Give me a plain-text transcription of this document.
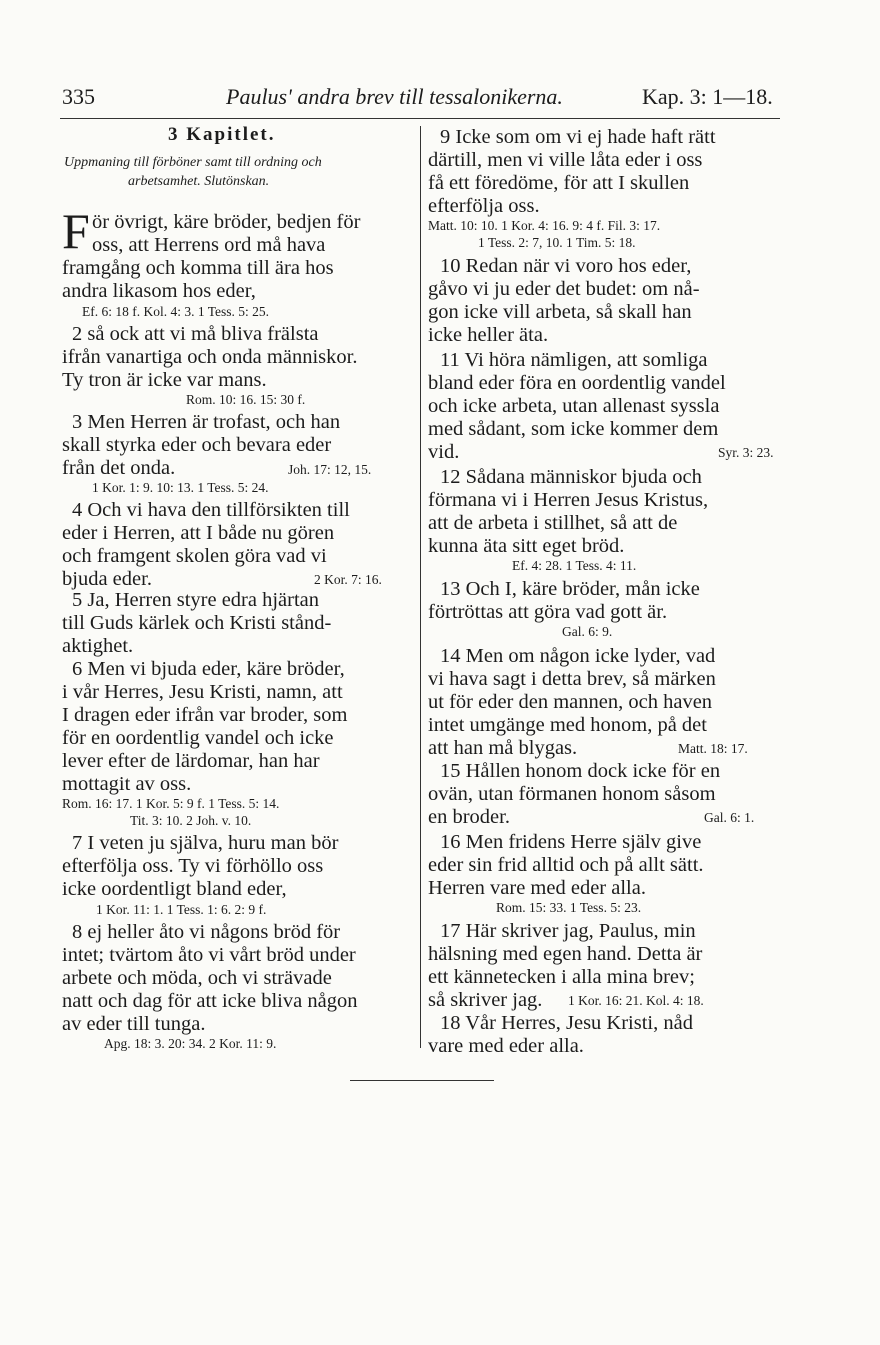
335	Paulus' andra brev till tessalonikerna.	Kap. 3: 1—18.
3 Kapitlet.
Uppmaning till förböner samt till ordning och
arbetsamhet. Slutönskan.
F ör övrigt, käre bröder, bedjen för
oss, att Herrens ord må hava
framgång och komma till ära hos
andra likasom hos eder,
Ef. 6: 18 f. Kol. 4: 3. 1 Tess. 5: 25.
2 så ock att vi må bliva frälsta
ifrån vanartiga och onda människor.
Ty tron är icke var mans.
Rom. 10: 16. 15: 30 f.
3 Men Herren är trofast, och han
skall styrka eder och bevara eder
från det onda.	Joh. 17: 12, 15.
1 Kor. 1: 9. 10: 13. 1 Tess. 5: 24.
4 Och vi hava den tillförsikten till
eder i Herren, att I både nu gören
och framgent skolen göra vad vi
bjuda eder.	2 Kor. 7: 16.
5 Ja, Herren styre edra hjärtan
till Guds kärlek och Kristi stånd-
aktighet.
6 Men vi bjuda eder, käre bröder,
i vår Herres, Jesu Kristi, namn, att
I dragen eder ifrån var broder, som
för en oordentlig vandel och icke
lever efter de lärdomar, han har
mottagit av oss.
Rom. 16: 17. 1 Kor. 5: 9 f. 1 Tess. 5: 14.
Tit. 3: 10. 2 Joh. v. 10.
7 I veten ju själva, huru man bör
efterfölja oss. Ty vi förhöllo oss
icke oordentligt bland eder,
1 Kor. 11: 1. 1 Tess. 1: 6. 2: 9 f.
8 ej heller åto vi någons bröd för
intet; tvärtom åto vi vårt bröd under
arbete och möda, och vi strävade
natt och dag för att icke bliva någon
av eder till tunga.
Apg. 18: 3. 20: 34. 2 Kor. 11: 9.
9 Icke som om vi ej hade haft rätt
därtill, men vi ville låta eder i oss
få ett föredöme, för att I skullen
efterfölja oss.
Matt. 10: 10. 1 Kor. 4: 16. 9: 4 f. Fil. 3: 17.
1 Tess. 2: 7, 10. 1 Tim. 5: 18.
10 Redan när vi voro hos eder,
gåvo vi ju eder det budet: om nå-
gon icke vill arbeta, så skall han
icke heller äta.
11 Vi höra nämligen, att somliga
bland eder föra en oordentlig vandel
och icke arbeta, utan allenast syssla
med sådant, som icke kommer dem
vid.	Syr. 3: 23.
12 Sådana människor bjuda och
förmana vi i Herren Jesus Kristus,
att de arbeta i stillhet, så att de
kunna äta sitt eget bröd.
Ef. 4: 28. 1 Tess. 4: 11.
13 Och I, käre bröder, mån icke
förtröttas att göra vad gott är.
Gal. 6: 9.
14 Men om någon icke lyder, vad
vi hava sagt i detta brev, så märken
ut för eder den mannen, och haven
intet umgänge med honom, på det
att han må blygas.	Matt. 18: 17.
15 Hållen honom dock icke för en
ovän, utan förmanen honom såsom
en broder.	Gal. 6: 1.
16 Men fridens Herre själv give
eder sin frid alltid och på allt sätt.
Herren vare med eder alla.
Rom. 15: 33. 1 Tess. 5: 23.
17 Här skriver jag, Paulus, min
hälsning med egen hand. Detta är
ett kännetecken i alla mina brev;
så skriver jag. 1 Kor. 16: 21. Kol. 4: 18.
18 Vår Herres, Jesu Kristi, nåd
vare med eder alla.
